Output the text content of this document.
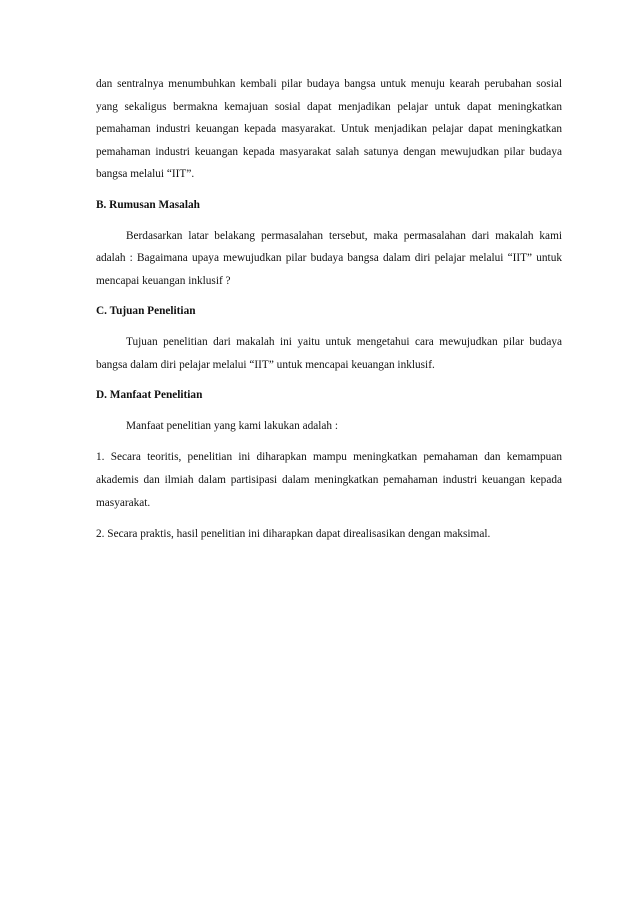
dan sentralnya menumbuhkan kembali pilar budaya bangsa untuk menuju kearah perubahan sosial yang sekaligus bermakna kemajuan sosial dapat menjadikan pelajar untuk dapat meningkatkan pemahaman industri keuangan kepada masyarakat. Untuk menjadikan pelajar dapat meningkatkan pemahaman industri keuangan kepada masyarakat salah satunya dengan mewujudkan pilar budaya bangsa melalui “IIT”.

B. Rumusan Masalah

Berdasarkan latar belakang permasalahan tersebut, maka permasalahan dari makalah kami adalah : Bagaimana upaya mewujudkan pilar budaya bangsa dalam diri pelajar melalui “IIT” untuk mencapai keuangan inklusif ?

C. Tujuan Penelitian

Tujuan penelitian dari makalah ini yaitu untuk mengetahui cara mewujudkan pilar budaya bangsa dalam diri pelajar melalui “IIT” untuk mencapai keuangan inklusif.

D. Manfaat Penelitian

Manfaat penelitian yang kami lakukan adalah :

1. Secara teoritis, penelitian ini diharapkan mampu meningkatkan pemahaman dan kemampuan akademis dan ilmiah dalam partisipasi dalam meningkatkan pemahaman industri keuangan kepada masyarakat.

2. Secara praktis, hasil penelitian ini diharapkan dapat direalisasikan dengan maksimal.
